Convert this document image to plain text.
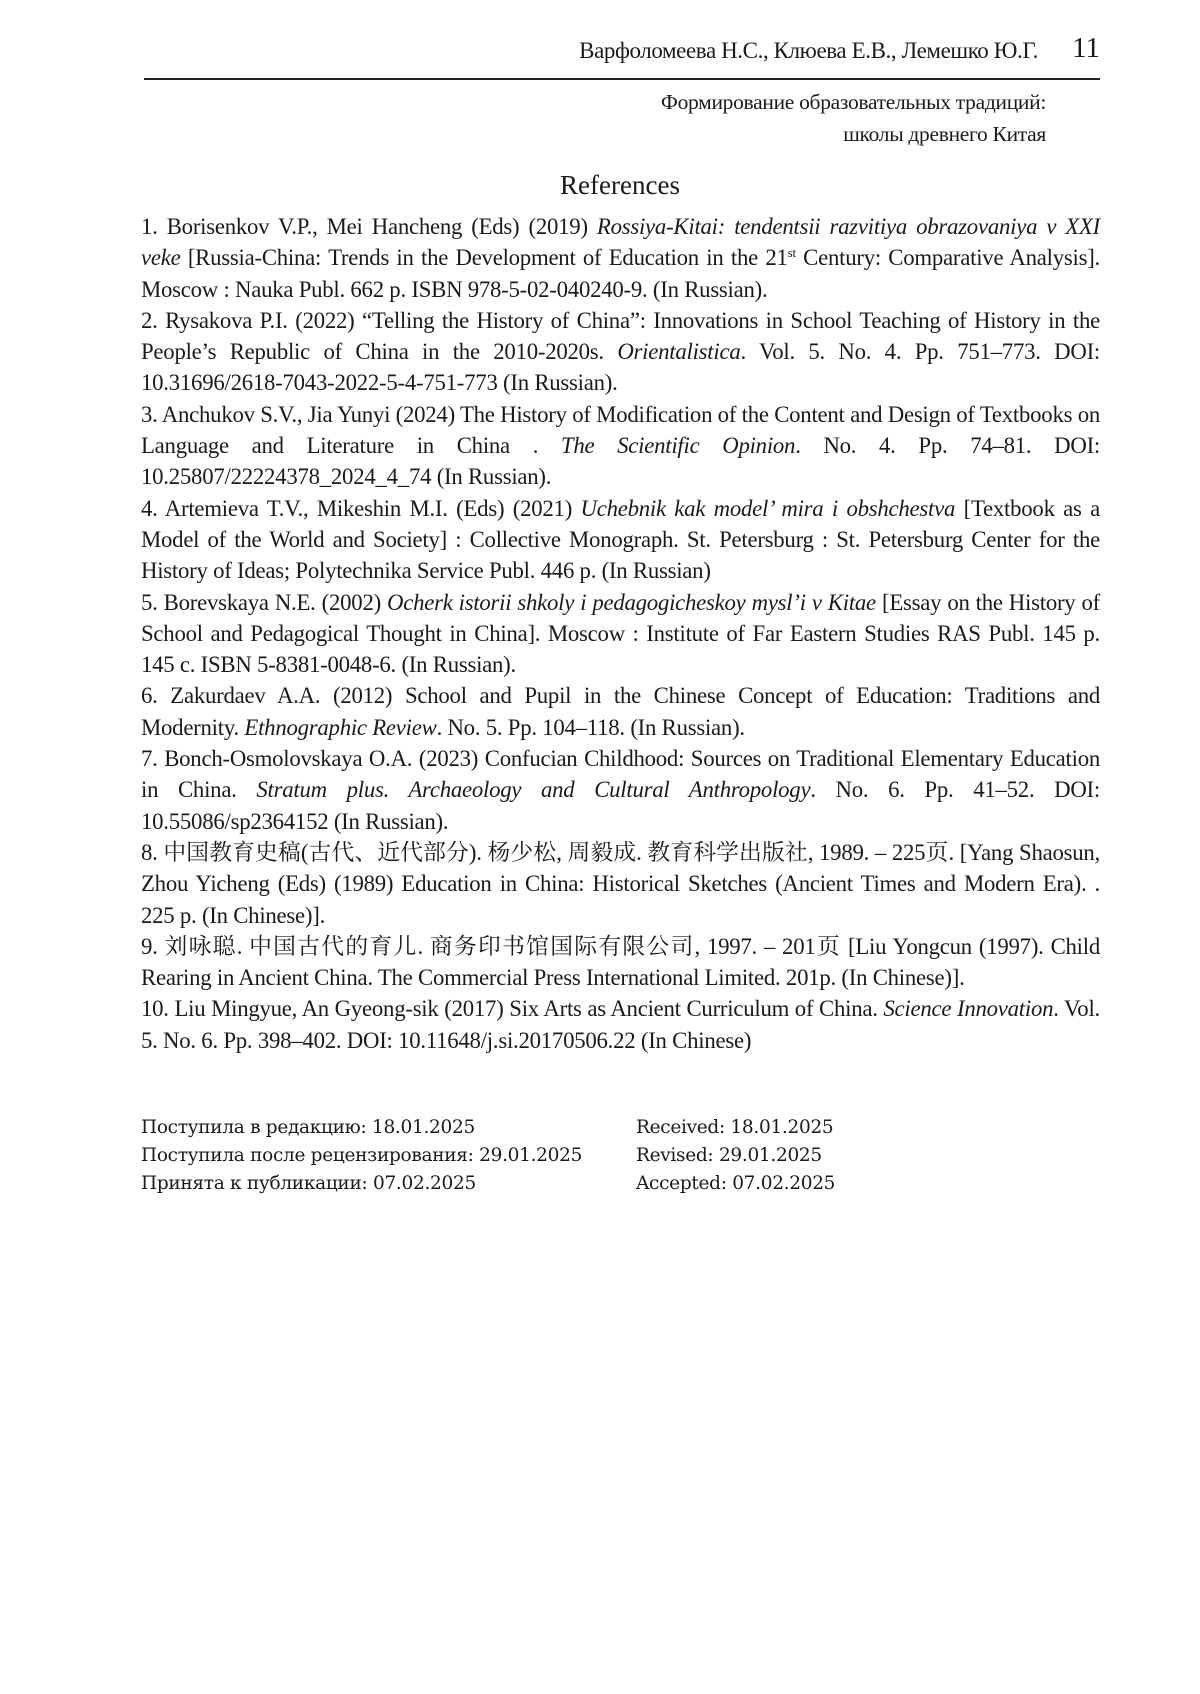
Варфоломеева Н.С., Клюева Е.В., Лемешко Ю.Г. 11
Формирование образовательных традиций:
школы древнего Китая
References

1. Borisenkov V.P., Mei Hancheng (Eds) (2019) Rossiya-Kitai: tendentsii razvitiya obrazovaniya v XXI veke [Russia-China: Trends in the Development of Education in the 21st Century: Comparative Analysis]. Moscow : Nauka Publ. 662 p. ISBN 978-5-02-040240-9. (In Russian).

2. Rysakova P.I. (2022) “Telling the History of China”: Innovations in School Teaching of History in the People’s Republic of China in the 2010-2020s. Orientalistica. Vol. 5. No. 4. Pp. 751–773. DOI: 10.31696/2618-7043-2022-5-4-751-773 (In Russian).

3. Anchukov S.V., Jia Yunyi (2024) The History of Modification of the Content and Design of Textbooks on Language and Literature in China . The Scientific Opinion. No. 4. Pp. 74–81. DOI: 10.25807/22224378_2024_4_74 (In Russian).

4. Artemieva T.V., Mikeshin M.I. (Eds) (2021) Uchebnik kak model’ mira i obshchestva [Textbook as a Model of the World and Society] : Collective Monograph. St. Petersburg : St. Petersburg Center for the History of Ideas; Polytechnika Service Publ. 446 p. (In Russian)

5. Borevskaya N.E. (2002) Ocherk istorii shkoly i pedagogicheskoy mysl’i v Kitae [Essay on the History of School and Pedagogical Thought in China]. Moscow : Institute of Far Eastern Studies RAS Publ. 145 p. 145 c. ISBN 5-8381-0048-6. (In Russian).

6. Zakurdaev A.A. (2012) School and Pupil in the Chinese Concept of Education: Traditions and Modernity. Ethnographic Review. No. 5. Pp. 104–118. (In Russian).

7. Bonch-Osmolovskaya O.A. (2023) Confucian Childhood: Sources on Traditional Elementary Education in China. Stratum plus. Archaeology and Cultural Anthropology. No. 6. Pp. 41–52. DOI: 10.55086/sp2364152 (In Russian).

8. 中国教育史稿(古代、近代部分). 杨少松, 周毅成. 教育科学出版社, 1989. – 225页. [Yang Shaosun, Zhou Yicheng (Eds) (1989) Education in China: Historical Sketches (Ancient Times and Modern Era). . 225 p. (In Chinese)].

9. 刘咏聪. 中国古代的育儿. 商务印书馆国际有限公司, 1997. – 201页 [Liu Yongcun (1997). Child Rearing in Ancient China. The Commercial Press International Limited. 201p. (In Chinese)].

10. Liu Mingyue, An Gyeong-sik (2017) Six Arts as Ancient Curriculum of China. Science Innovation. Vol. 5. No. 6. Pp. 398–402. DOI: 10.11648/j.si.20170506.22 (In Chinese)

Поступила в редакцию: 18.01.2025
Поступила после рецензирования: 29.01.2025
Принята к публикации: 07.02.2025
Received: 18.01.2025
Revised: 29.01.2025
Accepted: 07.02.2025
